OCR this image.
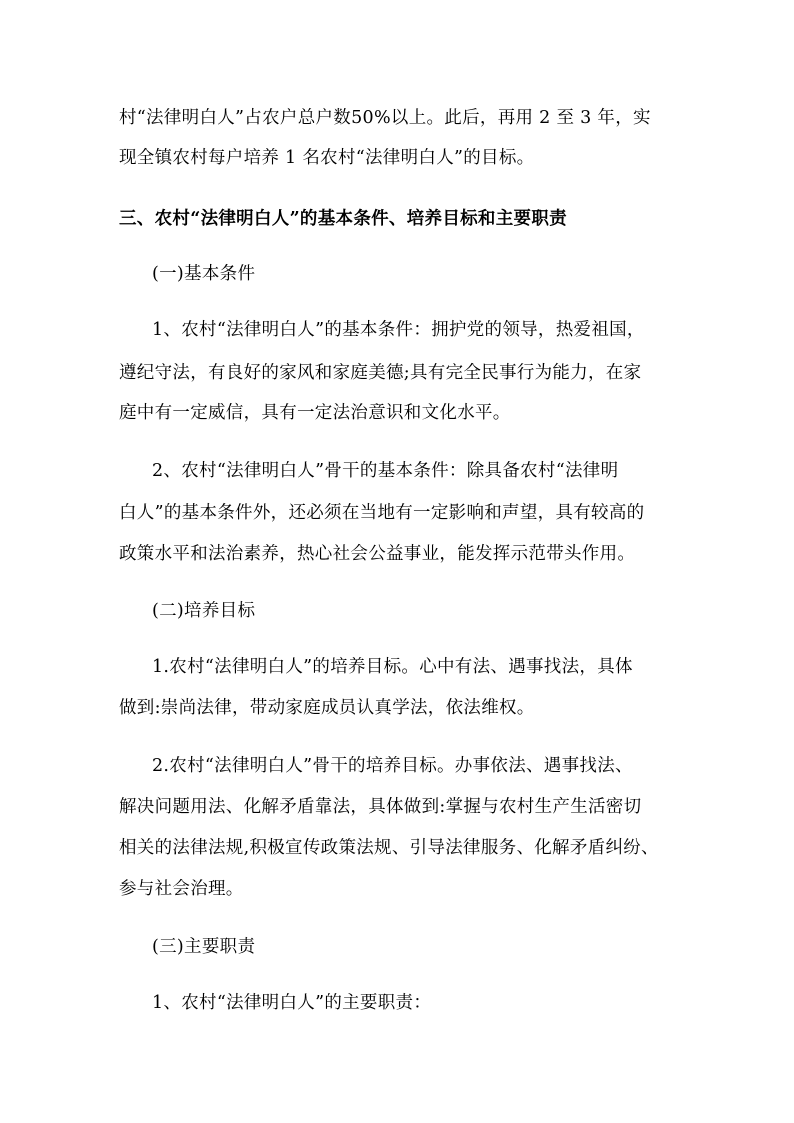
村“法律明白人”占农户总户数50%以上。此后，再用 2 至 3 年，实
现全镇农村每户培养 1 名农村“法律明白人”的目标。
三、农村“法律明白人”的基本条件、培养目标和主要职责
(一)基本条件
1、农村“法律明白人”的基本条件：拥护党的领导，热爱祖国，
遵纪守法，有良好的家风和家庭美德;具有完全民事行为能力，在家
庭中有一定威信，具有一定法治意识和文化水平。
2、农村“法律明白人”骨干的基本条件：除具备农村“法律明
白人”的基本条件外，还必须在当地有一定影响和声望，具有较高的
政策水平和法治素养，热心社会公益事业，能发挥示范带头作用。
(二)培养目标
1.农村“法律明白人”的培养目标。心中有法、遇事找法，具体
做到:崇尚法律，带动家庭成员认真学法，依法维权。
2.农村“法律明白人”骨干的培养目标。办事依法、遇事找法、
解决问题用法、化解矛盾靠法，具体做到:掌握与农村生产生活密切
相关的法律法规,积极宣传政策法规、引导法律服务、化解矛盾纠纷、
参与社会治理。
(三)主要职责
1、农村“法律明白人”的主要职责：
